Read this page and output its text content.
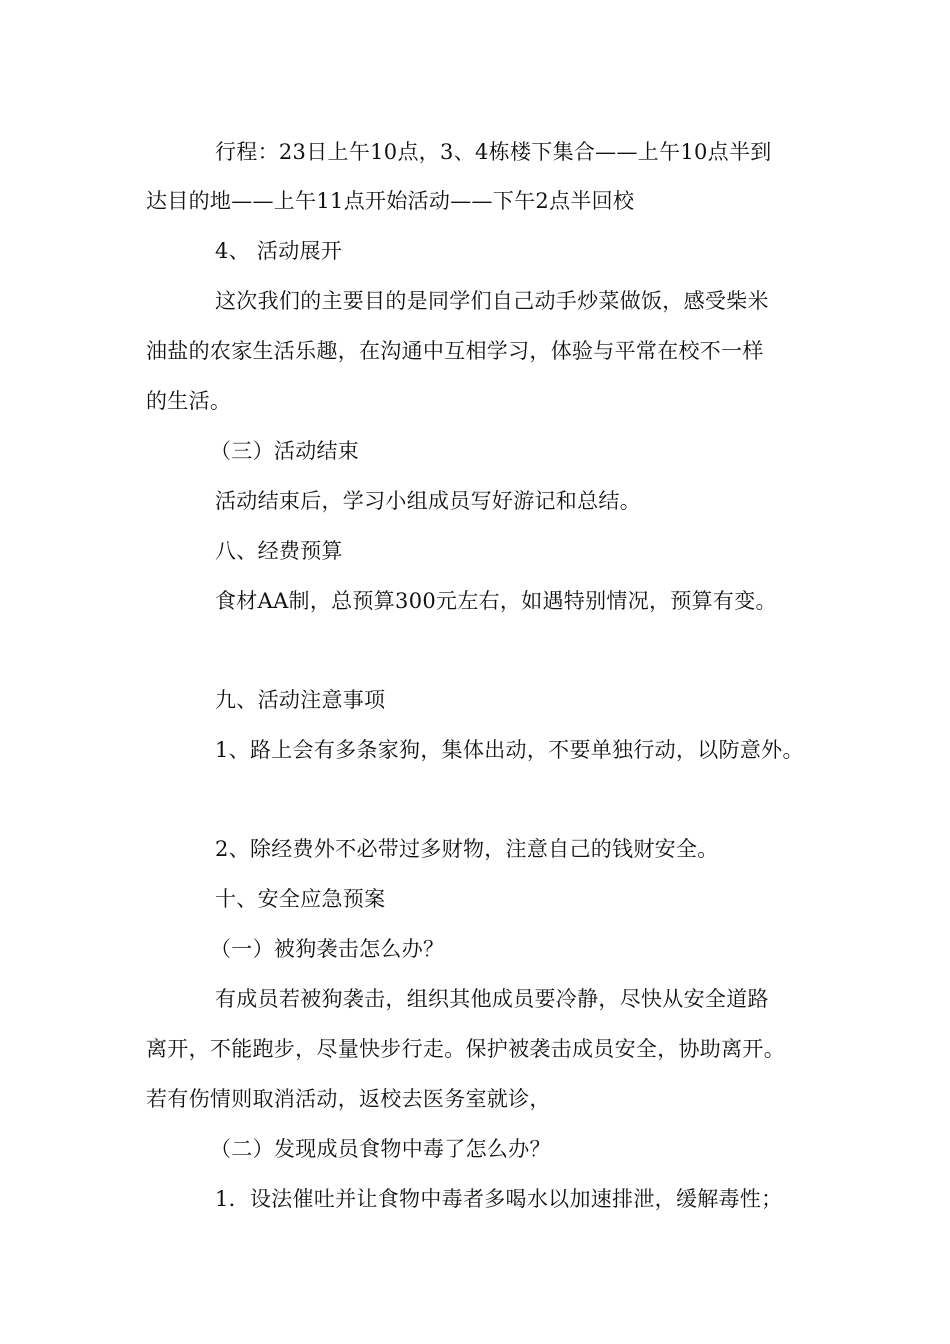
行程：23日上午10点，3、4栋楼下集合——上午10点半到
达目的地——上午11点开始活动——下午2点半回校
4、 活动展开
这次我们的主要目的是同学们自己动手炒菜做饭，感受柴米
油盐的农家生活乐趣，在沟通中互相学习，体验与平常在校不一样
的生活。
（三）活动结束
活动结束后，学习小组成员写好游记和总结。
八、经费预算
食材AA制，总预算300元左右，如遇特别情况，预算有变。
九、活动注意事项
1、路上会有多条家狗，集体出动，不要单独行动，以防意外。
2、除经费外不必带过多财物，注意自己的钱财安全。
十、安全应急预案
（一）被狗袭击怎么办？
有成员若被狗袭击，组织其他成员要冷静，尽快从安全道路
离开，不能跑步，尽量快步行走。保护被袭击成员安全，协助离开。
若有伤情则取消活动，返校去医务室就诊，
（二）发现成员食物中毒了怎么办？
1．设法催吐并让食物中毒者多喝水以加速排泄，缓解毒性；
